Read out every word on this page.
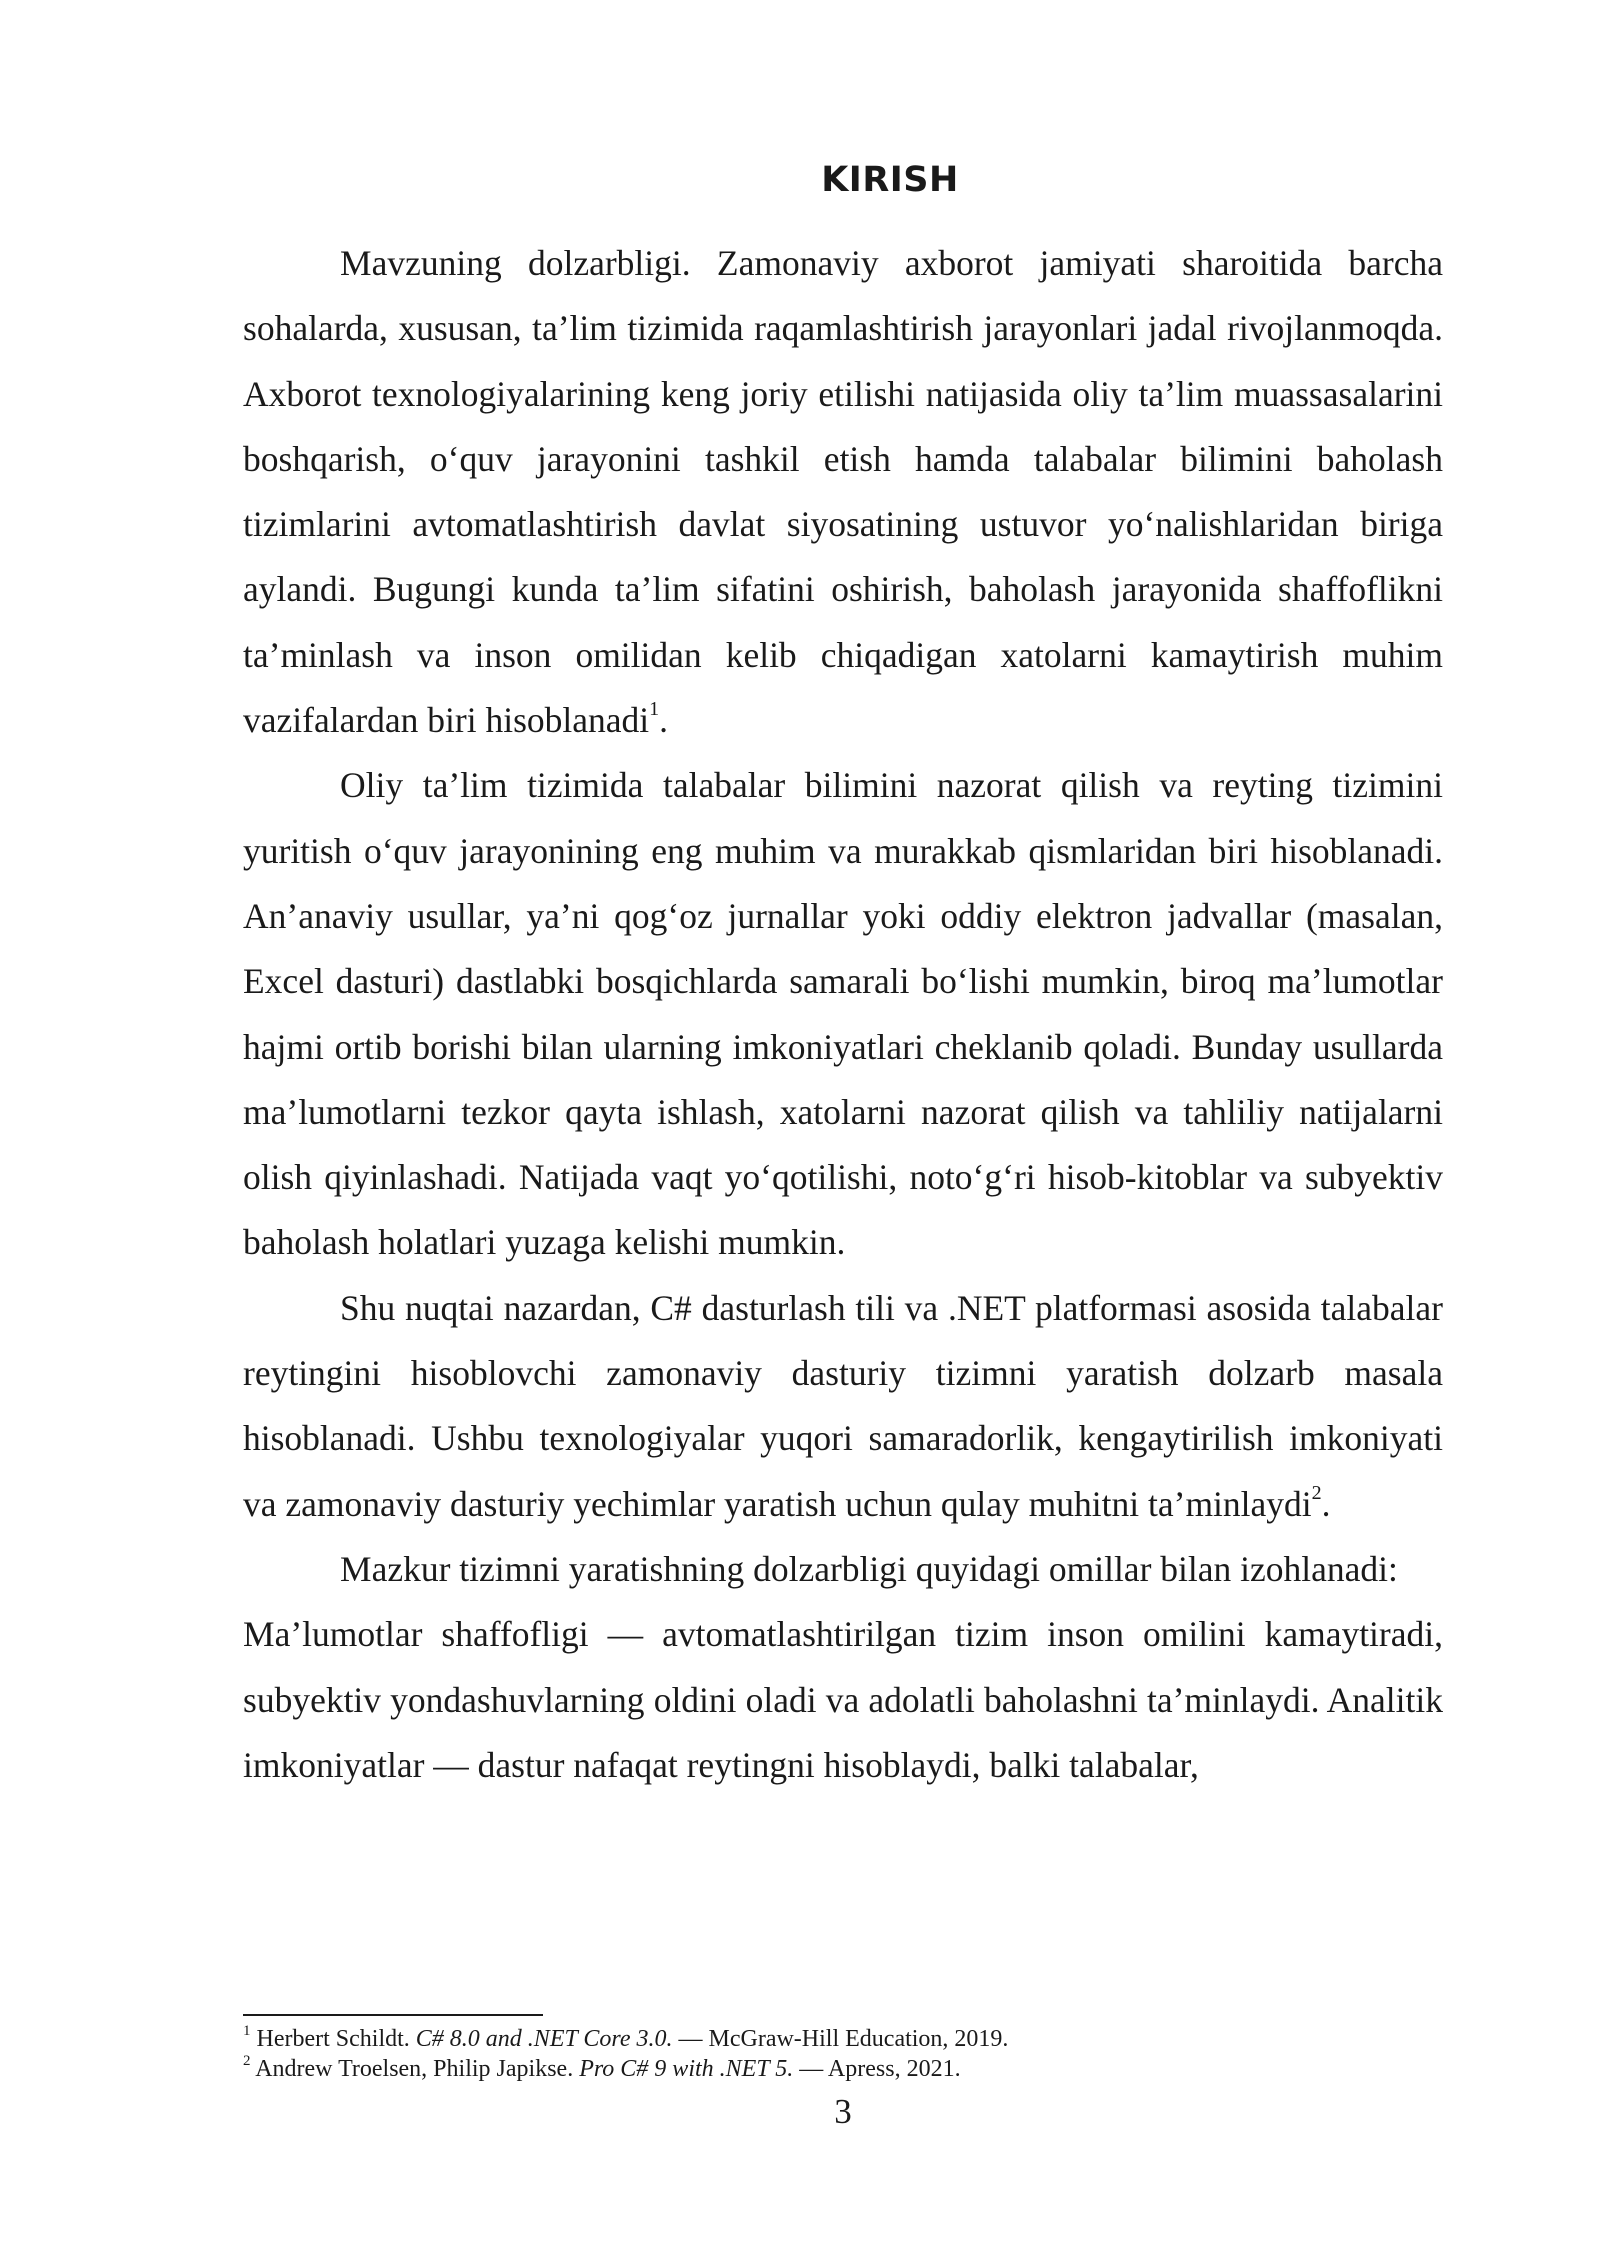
KIRISH

Mavzuning dolzarbligi. Zamonaviy axborot jamiyati sharoitida barcha sohalarda, xususan, ta’lim tizimida raqamlashtirish jarayonlari jadal rivojlanmoqda. Axborot texnologiyalarining keng joriy etilishi natijasida oliy ta’lim muassasalarini boshqarish, o‘quv jarayonini tashkil etish hamda talabalar bilimini baholash tizimlarini avtomatlashtirish davlat siyosatining ustuvor yo‘nalishlaridan biriga aylandi. Bugungi kunda ta’lim sifatini oshirish, baholash jarayonida shaffoflikni ta’minlash va inson omilidan kelib chiqadigan xatolarni kamaytirish muhim vazifalardan biri hisoblanadi$^1$.

Oliy ta’lim tizimida talabalar bilimini nazorat qilish va reyting tizimini yuritish o‘quv jarayonining eng muhim va murakkab qismlaridan biri hisoblanadi. An’anaviy usullar, ya’ni qog‘oz jurnallar yoki oddiy elektron jadvallar (masalan, Excel dasturi) dastlabki bosqichlarda samarali bo‘lishi mumkin, biroq ma’lumotlar hajmi ortib borishi bilan ularning imkoniyatlari cheklanib qoladi. Bunday usullarda ma’lumotlarni tezkor qayta ishlash, xatolarni nazorat qilish va tahliliy natijalarni olish qiyinlashadi. Natijada vaqt yo‘qotilishi, noto‘g‘ri hisob-kitoblar va subyektiv baholash holatlari yuzaga kelishi mumkin.

Shu nuqtai nazardan, C# dasturlash tili va .NET platformasi asosida talabalar reytingini hisoblovchi zamonaviy dasturiy tizimni yaratish dolzarb masala hisoblanadi. Ushbu texnologiyalar yuqori samaradorlik, kengaytirilish imkoniyati va zamonaviy dasturiy yechimlar yaratish uchun qulay muhitni ta’minlaydi$^2$.

Mazkur tizimni yaratishning dolzarbligi quyidagi omillar bilan izohlanadi:

Ma’lumotlar shaffofligi — avtomatlashtirilgan tizim inson omilini kamaytiradi, subyektiv yondashuvlarning oldini oladi va adolatli baholashni ta’minlaydi. Analitik imkoniyatlar — dastur nafaqat reytingni hisoblaydi, balki talabalar,

$^1$ Herbert Schildt. C# 8.0 and .NET Core 3.0. — McGraw-Hill Education, 2019.
$^2$ Andrew Troelsen, Philip Japikse. Pro C# 9 with .NET 5. — Apress, 2021.
3
